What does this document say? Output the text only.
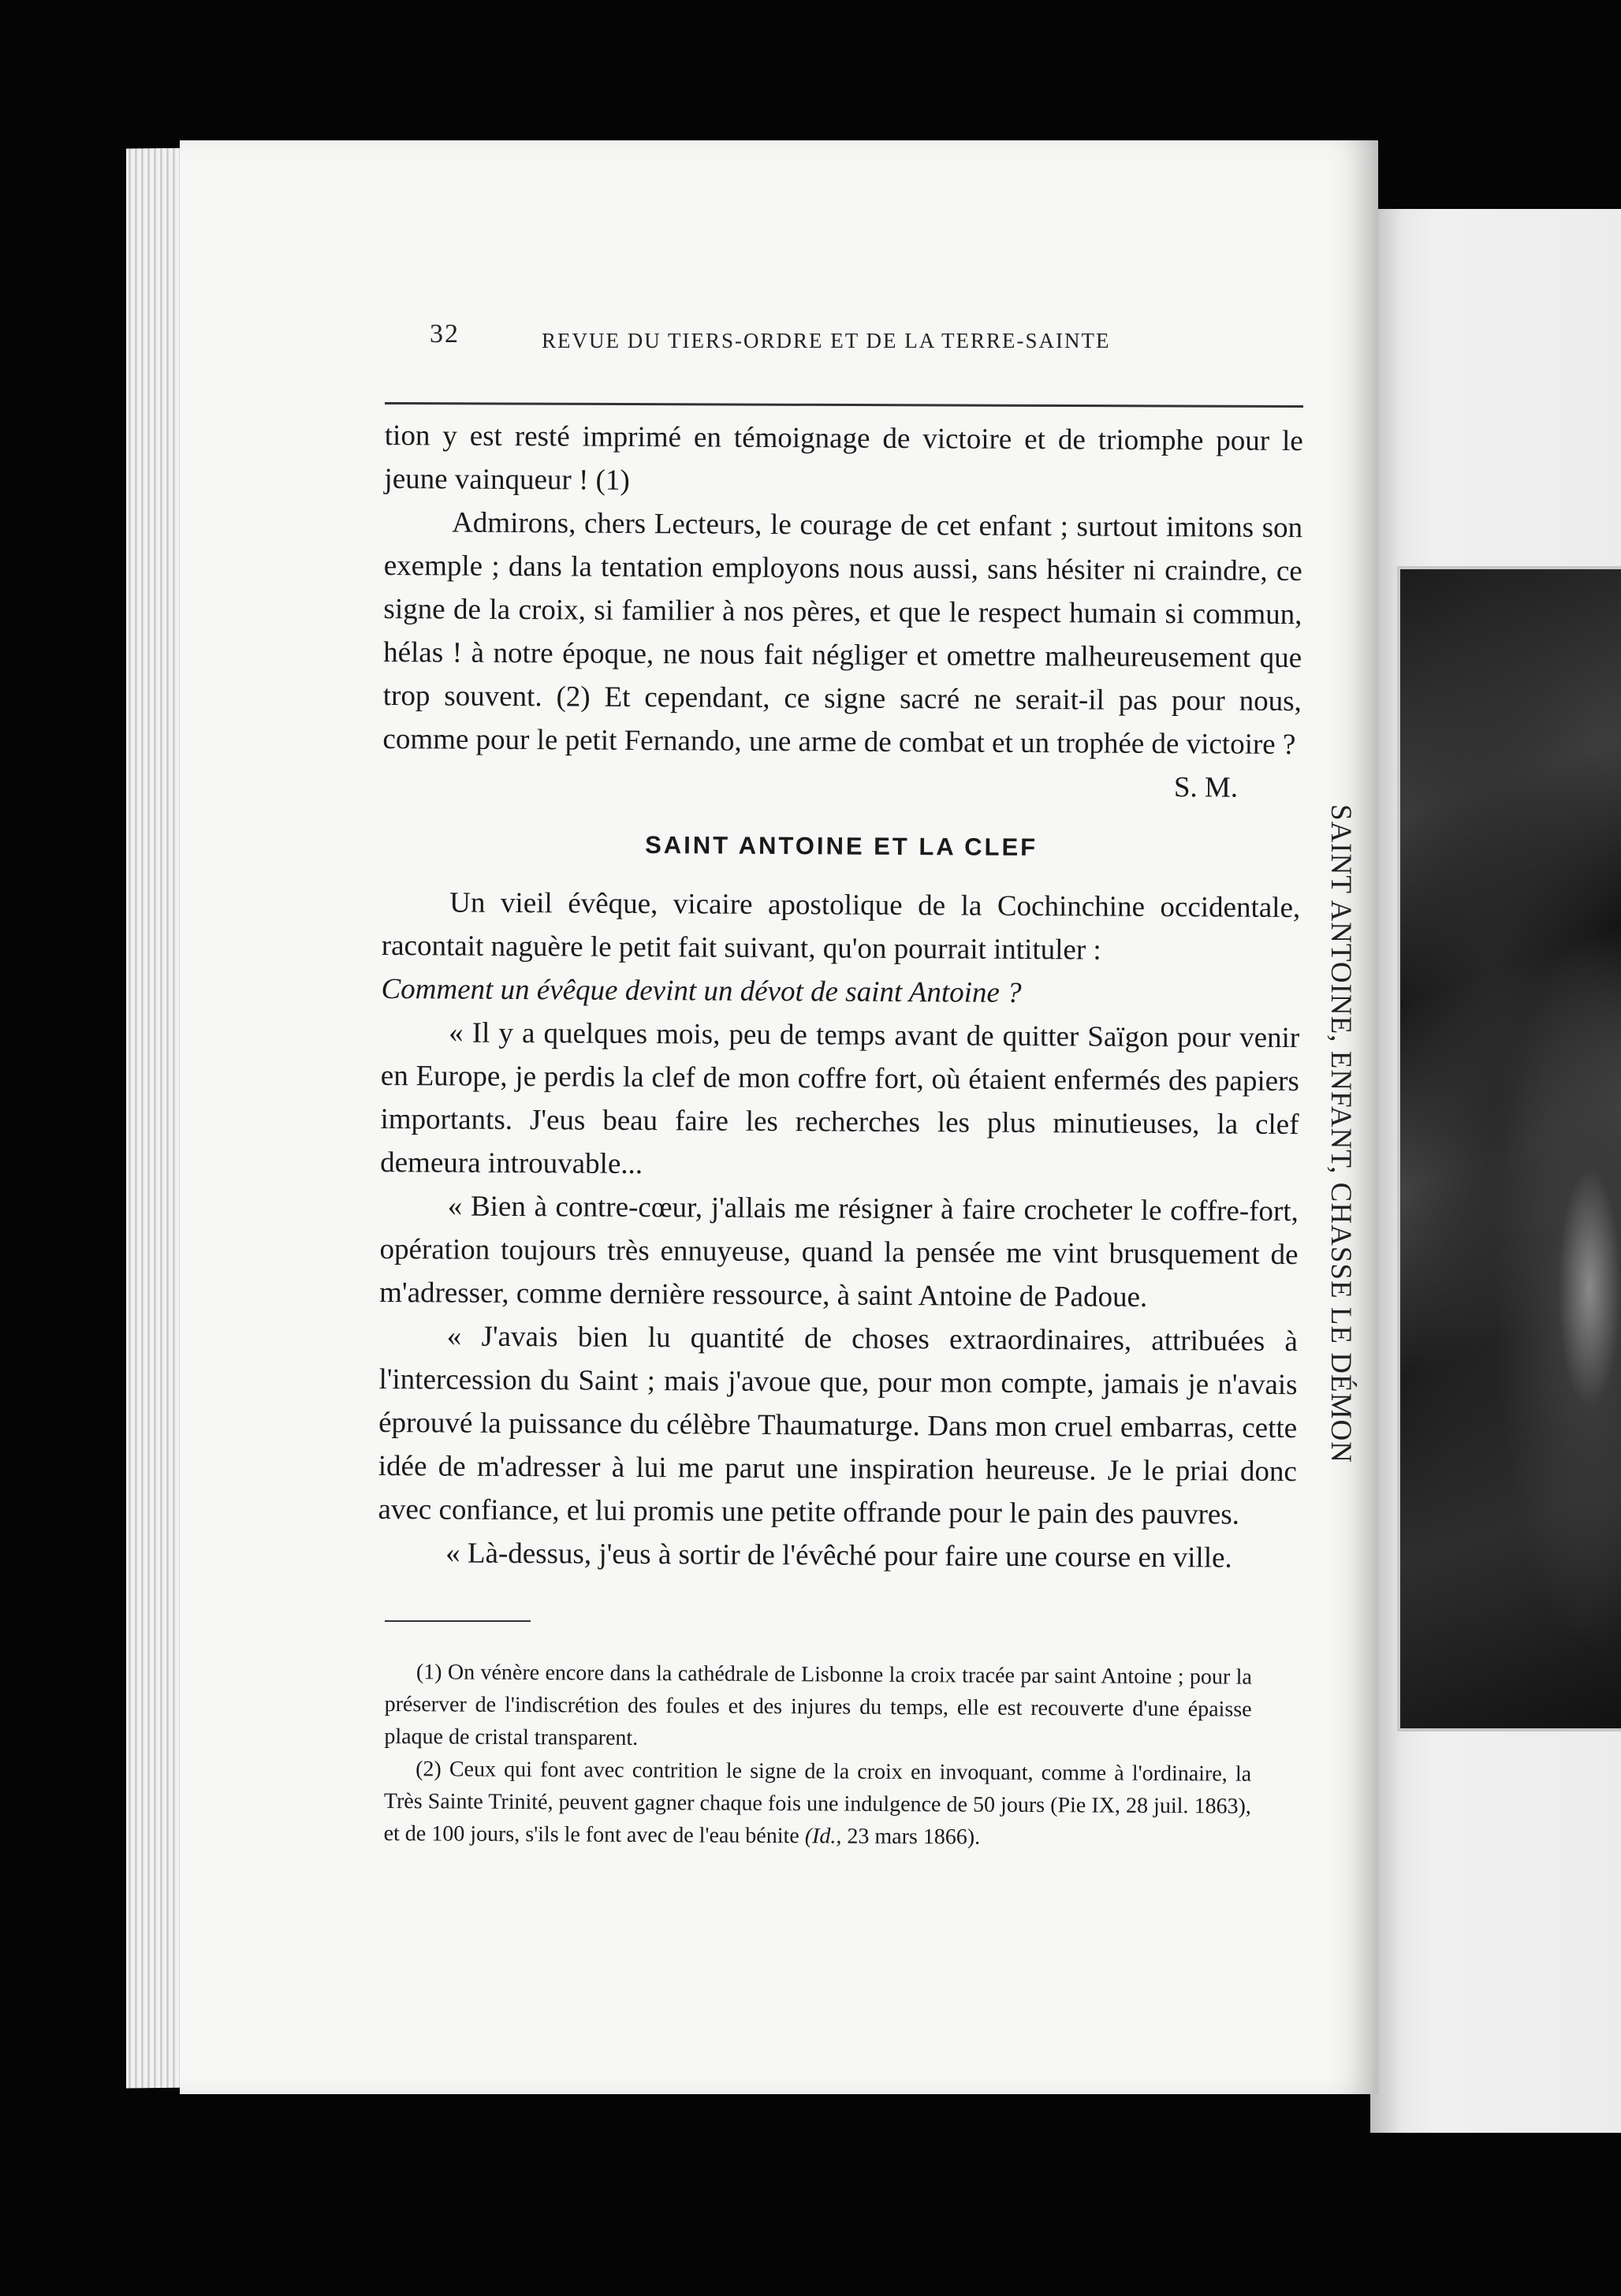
SAINT ANTOINE, ENFANT, CHASSE LE DÉMON
32	REVUE DU TIERS-ORDRE ET DE LA TERRE-SAINTE

tion y est resté imprimé en témoignage de victoire et de triomphe pour le jeune vainqueur ! (1)

Admirons, chers Lecteurs, le courage de cet enfant ; surtout imitons son exemple ; dans la tentation employons nous aussi, sans hésiter ni craindre, ce signe de la croix, si familier à nos pères, et que le respect humain si commun, hélas ! à notre époque, ne nous fait négliger et omettre malheureusement que trop souvent. (2) Et cependant, ce signe sacré ne serait-il pas pour nous, comme pour le petit Fernando, une arme de combat et un trophée de victoire ?

S. M.

SAINT ANTOINE ET LA CLEF

Un vieil évêque, vicaire apostolique de la Cochinchine occidentale, racontait naguère le petit fait suivant, qu'on pourrait intituler :

Comment un évêque devint un dévot de saint Antoine ?

« Il y a quelques mois, peu de temps avant de quitter Saïgon pour venir en Europe, je perdis la clef de mon coffre fort, où étaient enfermés des papiers importants. J'eus beau faire les recherches les plus minutieuses, la clef demeura introuvable...

« Bien à contre-cœur, j'allais me résigner à faire crocheter le coffre-fort, opération toujours très ennuyeuse, quand la pensée me vint brusquement de m'adresser, comme dernière ressource, à saint Antoine de Padoue.

« J'avais bien lu quantité de choses extraordinaires, attribuées à l'intercession du Saint ; mais j'avoue que, pour mon compte, jamais je n'avais éprouvé la puissance du célèbre Thaumaturge. Dans mon cruel embarras, cette idée de m'adresser à lui me parut une inspiration heureuse. Je le priai donc avec confiance, et lui promis une petite offrande pour le pain des pauvres.

« Là-dessus, j'eus à sortir de l'évêché pour faire une course en ville.

(1) On vénère encore dans la cathédrale de Lisbonne la croix tracée par saint Antoine ; pour la préserver de l'indiscrétion des foules et des injures du temps, elle est recouverte d'une épaisse plaque de cristal transparent.

(2) Ceux qui font avec contrition le signe de la croix en invoquant, comme à l'ordinaire, la Très Sainte Trinité, peuvent gagner chaque fois une indulgence de 50 jours (Pie IX, 28 juil. 1863), et de 100 jours, s'ils le font avec de l'eau bénite (Id., 23 mars 1866).
